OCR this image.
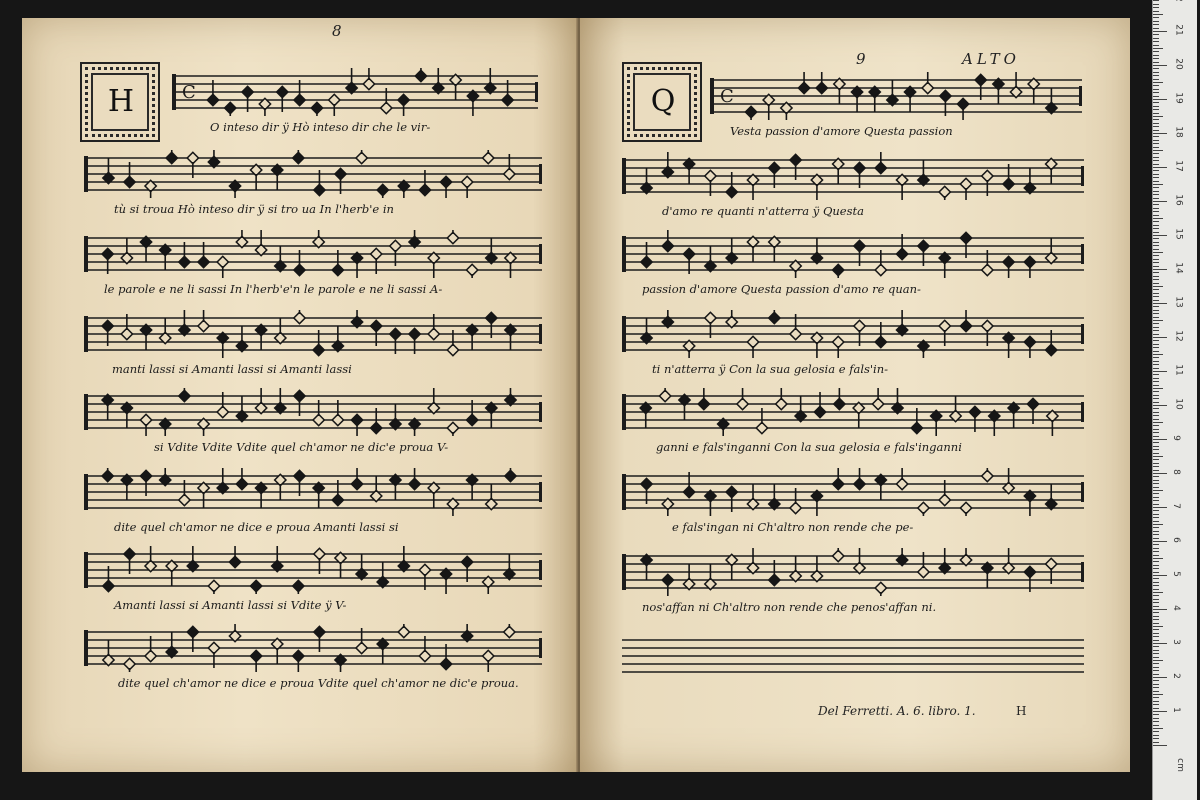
8
H	C
O inteso dir ÿ Hò inteso dir che le vir-
tù si troua Hò inteso dir ÿ si tro ua In l'herb'e in
le parole e ne li sassi In l'herb'e'n le parole e ne li sassi A-
manti lassi si Amanti lassi si Amanti lassi
si Vdite Vdite Vdite quel ch'amor ne dic'e proua V-
dite quel ch'amor ne dice e proua Amanti lassi si
Amanti lassi si Amanti lassi si Vdite ÿ V-
dite quel ch'amor ne dice e proua Vdite quel ch'amor ne dic'e proua.
9	ALTO
Q C
Vesta passion d'amore Questa passion
d'amo re quanti n'atterra ÿ Questa
passion d'amore Questa passion d'amo re quan-
ti n'atterra ÿ Con la sua gelosia e fals'in-
ganni e fals'inganni Con la sua gelosia e fals'inganni
e fals'ingan ni Ch'altro non rende che pe-
nos'affan ni Ch'altro non rende che penos'affan ni.
Del Ferretti. A. 6. libro. 1.	H
cm
1
2
3
4
5
6
7
8
9
10
11
12
13
14
15
16
17
18
19
20
21
